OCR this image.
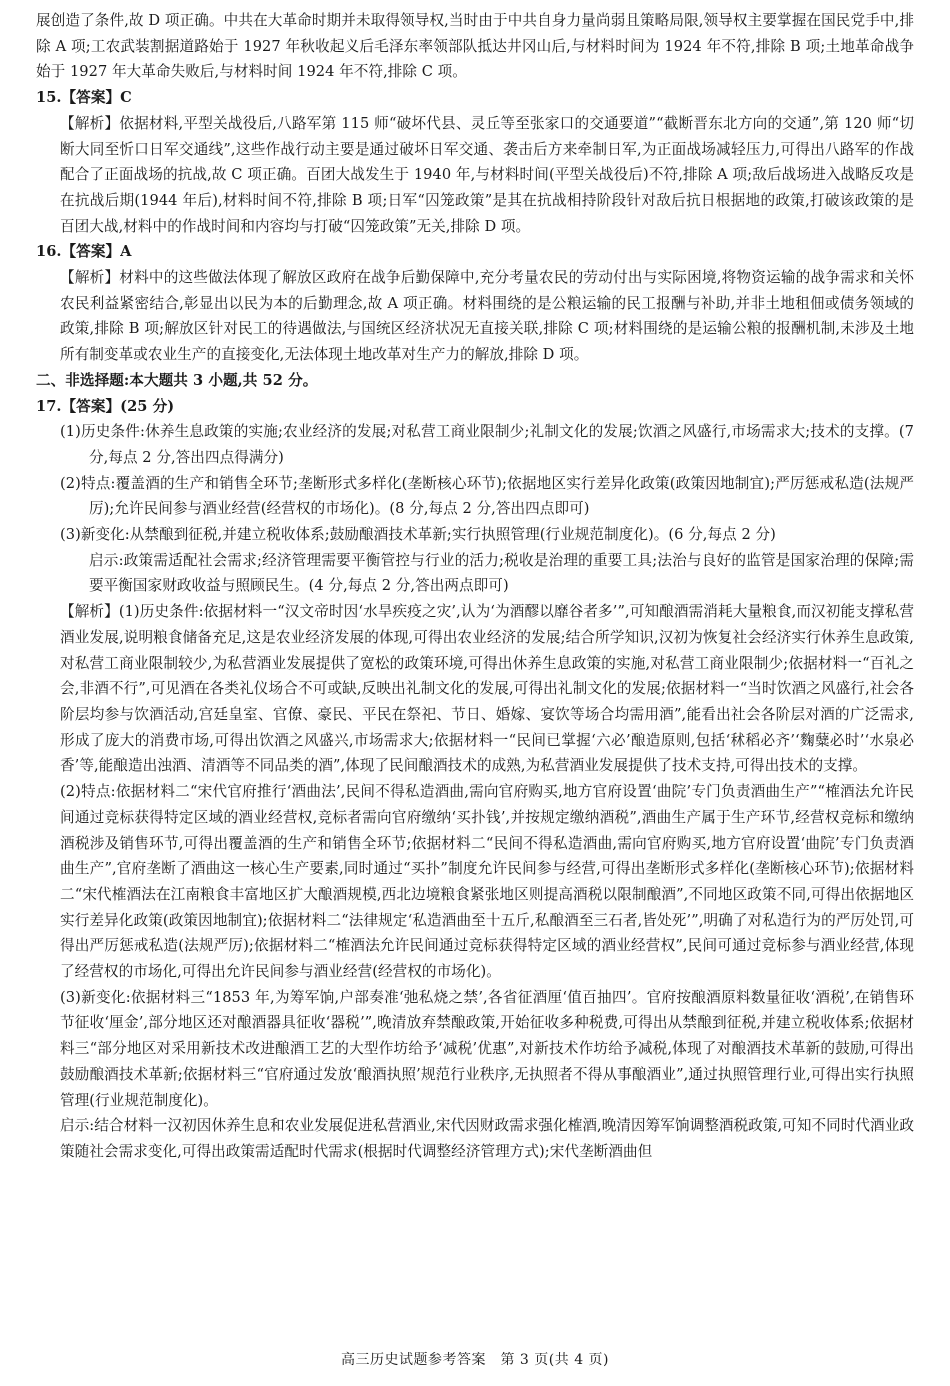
展创造了条件,故 D 项正确。中共在大革命时期并未取得领导权,当时由于中共自身力量尚弱且策略局限,领导权主要掌握在国民党手中,排除 A 项;工农武装割据道路始于 1927 年秋收起义后毛泽东率领部队抵达井冈山后,与材料时间为 1924 年不符,排除 B 项;土地革命战争始于 1927 年大革命失败后,与材料时间 1924 年不符,排除 C 项。

15.【答案】C

【解析】依据材料,平型关战役后,八路军第 115 师“破坏代县、灵丘等至张家口的交通要道”“截断晋东北方向的交通”,第 120 师“切断大同至忻口日军交通线”,这些作战行动主要是通过破坏日军交通、袭击后方来牵制日军,为正面战场减轻压力,可得出八路军的作战配合了正面战场的抗战,故 C 项正确。百团大战发生于 1940 年,与材料时间(平型关战役后)不符,排除 A 项;敌后战场进入战略反攻是在抗战后期(1944 年后),材料时间不符,排除 B 项;日军“囚笼政策”是其在抗战相持阶段针对敌后抗日根据地的政策,打破该政策的是百团大战,材料中的作战时间和内容均与打破“囚笼政策”无关,排除 D 项。

16.【答案】A

【解析】材料中的这些做法体现了解放区政府在战争后勤保障中,充分考量农民的劳动付出与实际困境,将物资运输的战争需求和关怀农民利益紧密结合,彰显出以民为本的后勤理念,故 A 项正确。材料围绕的是公粮运输的民工报酬与补助,并非土地租佃或债务领域的政策,排除 B 项;解放区针对民工的待遇做法,与国统区经济状况无直接关联,排除 C 项;材料围绕的是运输公粮的报酬机制,未涉及土地所有制变革或农业生产的直接变化,无法体现土地改革对生产力的解放,排除 D 项。

二、非选择题:本大题共 3 小题,共 52 分。

17.【答案】(25 分)

(1)历史条件:休养生息政策的实施;农业经济的发展;对私营工商业限制少;礼制文化的发展;饮酒之风盛行,市场需求大;技术的支撑。(7 分,每点 2 分,答出四点得满分)

(2)特点:覆盖酒的生产和销售全环节;垄断形式多样化(垄断核心环节);依据地区实行差异化政策(政策因地制宜);严厉惩戒私造(法规严厉);允许民间参与酒业经营(经营权的市场化)。(8 分,每点 2 分,答出四点即可)

(3)新变化:从禁酿到征税,并建立税收体系;鼓励酿酒技术革新;实行执照管理(行业规范制度化)。(6 分,每点 2 分)

启示:政策需适配社会需求;经济管理需要平衡管控与行业的活力;税收是治理的重要工具;法治与良好的监管是国家治理的保障;需要平衡国家财政收益与照顾民生。(4 分,每点 2 分,答出两点即可)

【解析】(1)历史条件:依据材料一“汉文帝时因‘水旱疾疫之灾’,认为‘为酒醪以靡谷者多’”,可知酿酒需消耗大量粮食,而汉初能支撑私营酒业发展,说明粮食储备充足,这是农业经济发展的体现,可得出农业经济的发展;结合所学知识,汉初为恢复社会经济实行休养生息政策,对私营工商业限制较少,为私营酒业发展提供了宽松的政策环境,可得出休养生息政策的实施,对私营工商业限制少;依据材料一“百礼之会,非酒不行”,可见酒在各类礼仪场合不可或缺,反映出礼制文化的发展,可得出礼制文化的发展;依据材料一“当时饮酒之风盛行,社会各阶层均参与饮酒活动,宫廷皇室、官僚、豪民、平民在祭祀、节日、婚嫁、宴饮等场合均需用酒”,能看出社会各阶层对酒的广泛需求,形成了庞大的消费市场,可得出饮酒之风盛兴,市场需求大;依据材料一“民间已掌握‘六必’酿造原则,包括‘秫稻必齐’‘麴糵必时’‘水泉必香’等,能酿造出浊酒、清酒等不同品类的酒”,体现了民间酿酒技术的成熟,为私营酒业发展提供了技术支持,可得出技术的支撑。

(2)特点:依据材料二“宋代官府推行‘酒曲法’,民间不得私造酒曲,需向官府购买,地方官府设置‘曲院’专门负责酒曲生产”“榷酒法允许民间通过竞标获得特定区域的酒业经营权,竞标者需向官府缴纳‘买扑钱’,并按规定缴纳酒税”,酒曲生产属于生产环节,经营权竞标和缴纳酒税涉及销售环节,可得出覆盖酒的生产和销售全环节;依据材料二“民间不得私造酒曲,需向官府购买,地方官府设置‘曲院’专门负责酒曲生产”,官府垄断了酒曲这一核心生产要素,同时通过“买扑”制度允许民间参与经营,可得出垄断形式多样化(垄断核心环节);依据材料二“宋代榷酒法在江南粮食丰富地区扩大酿酒规模,西北边境粮食紧张地区则提高酒税以限制酿酒”,不同地区政策不同,可得出依据地区实行差异化政策(政策因地制宜);依据材料二“法律规定‘私造酒曲至十五斤,私酿酒至三石者,皆处死’”,明确了对私造行为的严厉处罚,可得出严厉惩戒私造(法规严厉);依据材料二“榷酒法允许民间通过竞标获得特定区域的酒业经营权”,民间可通过竞标参与酒业经营,体现了经营权的市场化,可得出允许民间参与酒业经营(经营权的市场化)。

(3)新变化:依据材料三“1853 年,为筹军饷,户部奏准‘弛私烧之禁’,各省征酒厘‘值百抽四’。官府按酿酒原料数量征收‘酒税’,在销售环节征收‘厘金’,部分地区还对酿酒器具征收‘器税’”,晚清放弃禁酿政策,开始征收多种税费,可得出从禁酿到征税,并建立税收体系;依据材料三“部分地区对采用新技术改进酿酒工艺的大型作坊给予‘减税’优惠”,对新技术作坊给予减税,体现了对酿酒技术革新的鼓励,可得出鼓励酿酒技术革新;依据材料三“官府通过发放‘酿酒执照’规范行业秩序,无执照者不得从事酿酒业”,通过执照管理行业,可得出实行执照管理(行业规范制度化)。

启示:结合材料一汉初因休养生息和农业发展促进私营酒业,宋代因财政需求强化榷酒,晚清因筹军饷调整酒税政策,可知不同时代酒业政策随社会需求变化,可得出政策需适配时代需求(根据时代调整经济管理方式);宋代垄断酒曲但

高三历史试题参考答案　第 3 页(共 4 页)
